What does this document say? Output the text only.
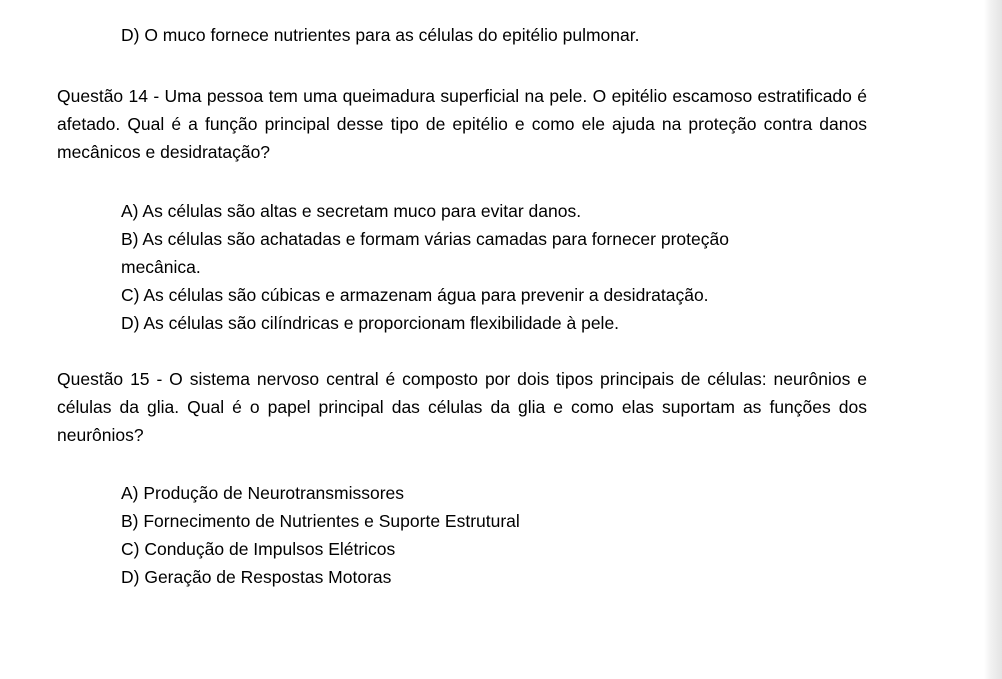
D) O muco fornece nutrientes para as células do epitélio pulmonar.
Questão 14 - Uma pessoa tem uma queimadura superficial na pele. O epitélio escamoso estratificado é afetado. Qual é a função principal desse tipo de epitélio e como ele ajuda na proteção contra danos mecânicos e desidratação?
A) As células são altas e secretam muco para evitar danos.
B) As células são achatadas e formam várias camadas para fornecer proteção
mecânica.
C) As células são cúbicas e armazenam água para prevenir a desidratação.
D) As células são cilíndricas e proporcionam flexibilidade à pele.
Questão 15 - O sistema nervoso central é composto por dois tipos principais de células: neurônios e células da glia. Qual é o papel principal das células da glia e como elas suportam as funções dos neurônios?
A) Produção de Neurotransmissores
B) Fornecimento de Nutrientes e Suporte Estrutural
C) Condução de Impulsos Elétricos
D) Geração de Respostas Motoras
